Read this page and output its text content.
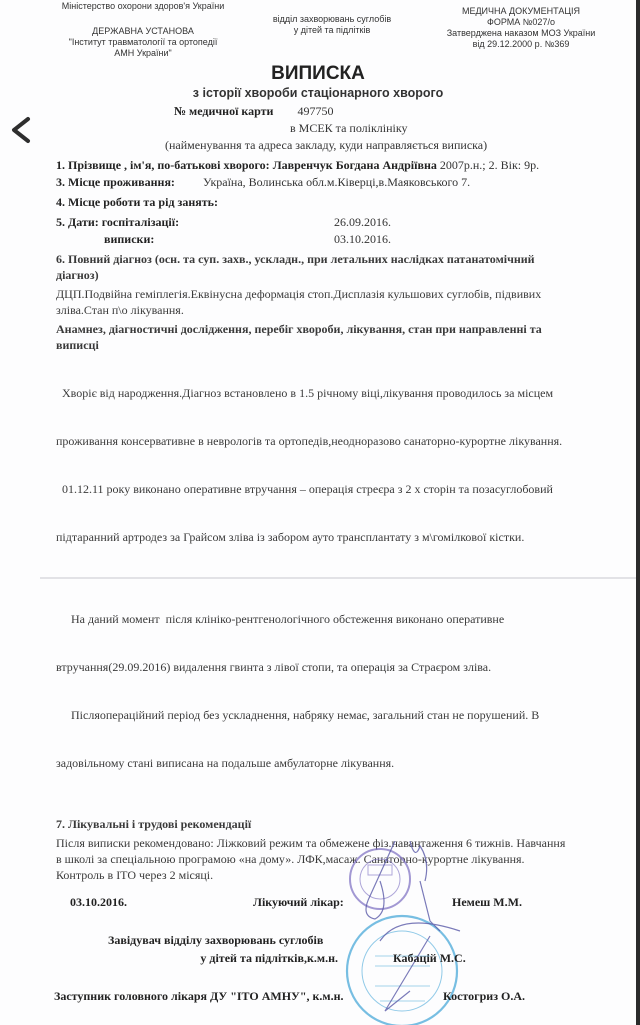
Міністерство охорони здоров'я України
ДЕРЖАВНА УСТАНОВА
"Інститут травматології та ортопедії
АМН України"
відділ захворювань суглобів
у дітей та підлітків
МЕДИЧНА ДОКУМЕНТАЦІЯ
ФОРМА №027/о
Затверджена наказом МОЗ України
від 29.12.2000 р. №369
ВИПИСКА
з історії хвороби стаціонарного хворого
№ медичної карти 497750
в МСЕК та поліклініку
(найменування та адреса закладу, куди направляється виписка)
1. Прізвище , ім'я, по-батькові хворого: Лавренчук Богдана Андріївна 2007р.н.; 2. Вік: 9р.
3. Місце проживання:	Україна, Волинська обл.м.Ківерці,в.Маяковського 7.
4. Місце роботи та рід занять:
5. Дати: госпіталізації:	26.09.2016.
виписки:	03.10.2016.
6. Повний діагноз (осн. та суп. захв., ускладн., при летальних наслідках патанатомічний
діагноз)
ДЦП.Подвійна геміплегія.Еквінусна деформація стоп.Дисплазія кульшових суглобів, підвивих
зліва.Стан п\о лікування.
Анамнез, діагностичні дослідження, перебіг хвороби, лікування, стан при направленні та
виписці

Хворіє від народження.Діагноз встановлено в 1.5 річному віці,лікування проводилось за місцем

проживання консервативне в неврологів та ортопедів,неодноразово санаторно-курортне лікування.

01.12.11 року виконано оперативне втручання – операція стреєра з 2 х сторін та позасуглобовий

підтаранний артродез за Грайсом зліва із забором ауто трансплантату з м\гомілкової кістки.

На даний момент  після клініко-рентгенологічного обстеження виконано оперативне

втручання(29.09.2016) видалення гвинта з лівої стопи, та операція за Страєром зліва.

Післяопераційний період без ускладнення, набряку немає, загальний стан не порушений. В

задовільному стані виписана на подальше амбулаторне лікування.

7. Лікувальні і трудові рекомендації
Після виписки рекомендовано: Ліжковий режим та обмежене фіз.навантаження 6 тижнів. Навчання
в школі за спеціальною програмою «на дому». ЛФК,масаж. Санаторно-курортне лікування.
Контроль в ІТО через 2 місяці.
03.10.2016.	Лікуючий лікар:	Немеш М.М.
Завідувач відділу захворювань суглобів
у дітей та підлітків,к.м.н.	Кабацій М.С.
Заступник головного лікаря ДУ "ІТО АМНУ", к.м.н.	Костогриз О.А.
